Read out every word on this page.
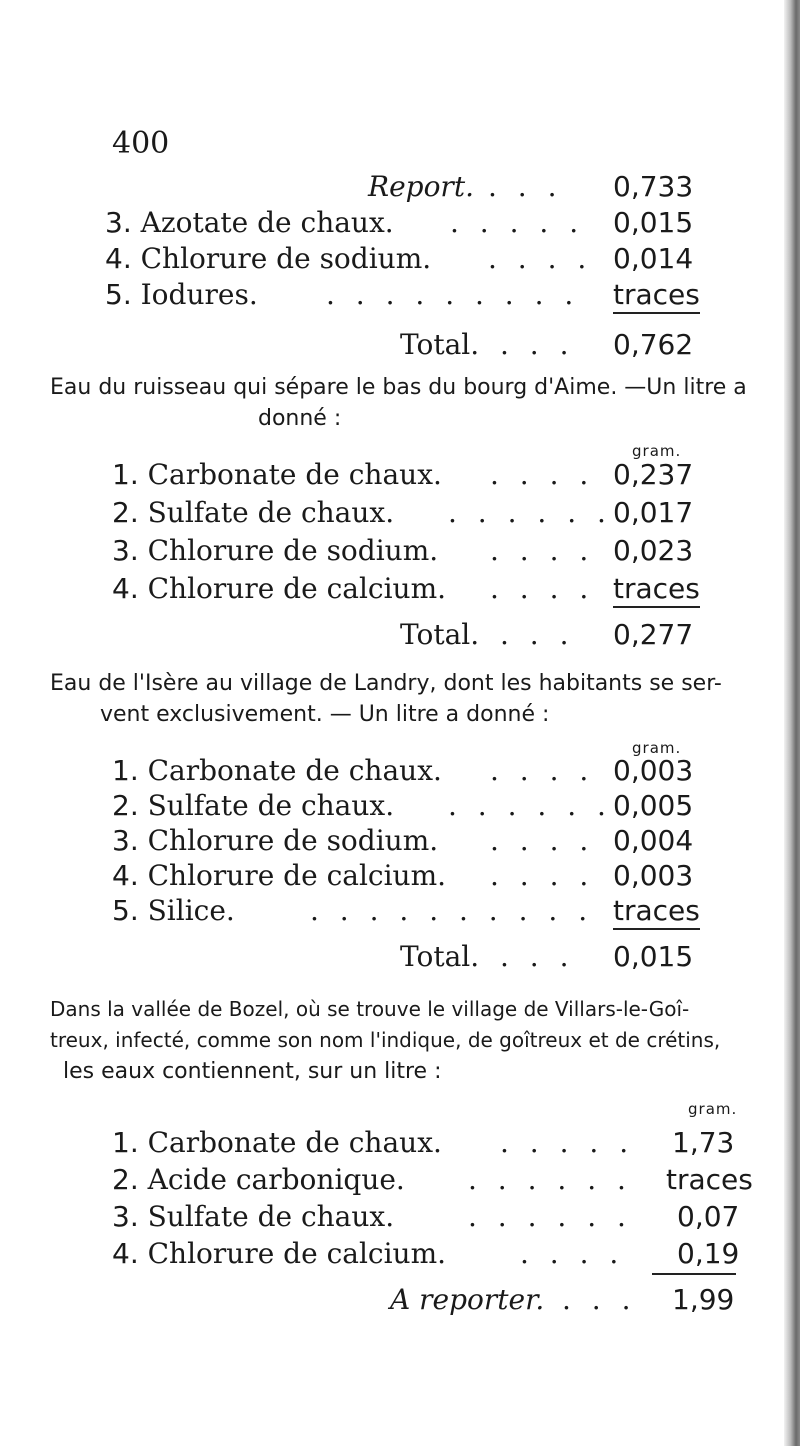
400
Report. . . . 0,733
3. Azotate de chaux. . . . . . 0,015
4. Chlorure de sodium. . . . . 0,014
5. Iodures. . . . . . . . . . traces
Total. . . . 0,762
Eau du ruisseau qui sépare le bas du bourg d'Aime. —Un litre a
donné :
gram.
1. Carbonate de chaux. . . . . 0,237
2. Sulfate de chaux. . . . . . . 0,017
3. Chlorure de sodium. . . . . 0,023
4. Chlorure de calcium. . . . . traces
Total. . . . 0,277
Eau de l'Isère au village de Landry, dont les habitants se ser-
vent exclusivement. — Un litre a donné :
gram.
1. Carbonate de chaux. . . . . 0,003
2. Sulfate de chaux. . . . . . . 0,005
3. Chlorure de sodium. . . . . 0,004
4. Chlorure de calcium. . . . . 0,003
5. Silice.	. . . . . . . . . . traces
Total. . . . 0,015
Dans la vallée de Bozel, où se trouve le village de Villars-le-Goî-
treux, infecté, comme son nom l'indique, de goîtreux et de crétins,
les eaux contiennent, sur un litre :
gram.
1. Carbonate de chaux. . . . . . 1,73
2. Acide carbonique. . . . . . . traces
3. Sulfate de chaux.	. . . . . . 0,07
4. Chlorure de calcium.	. . . . 0,19
A reporter. . . . 1,99
